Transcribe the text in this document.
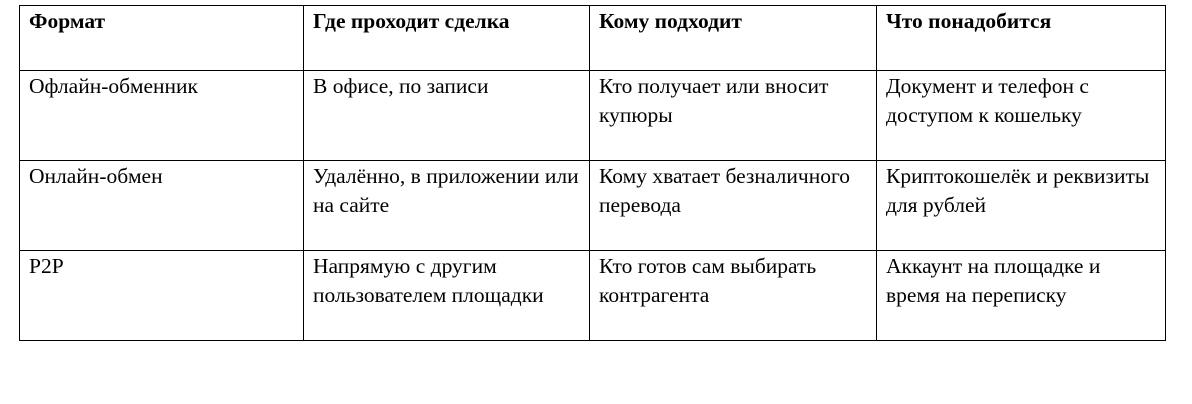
Формат	Где проходит сделка	Кому подходит	Что понадобится
Офлайн-обменник	В офисе, по записи	Кто получает или вносит купюры	Документ и телефон с доступом к кошельку
Онлайн-обмен	Удалённо, в приложении или на сайте	Кому хватает безналичного перевода	Криптокошелёк и реквизиты для рублей
P2P	Напрямую с другим пользователем площадки	Кто готов сам выбирать контрагента	Аккаунт на площадке и время на переписку
